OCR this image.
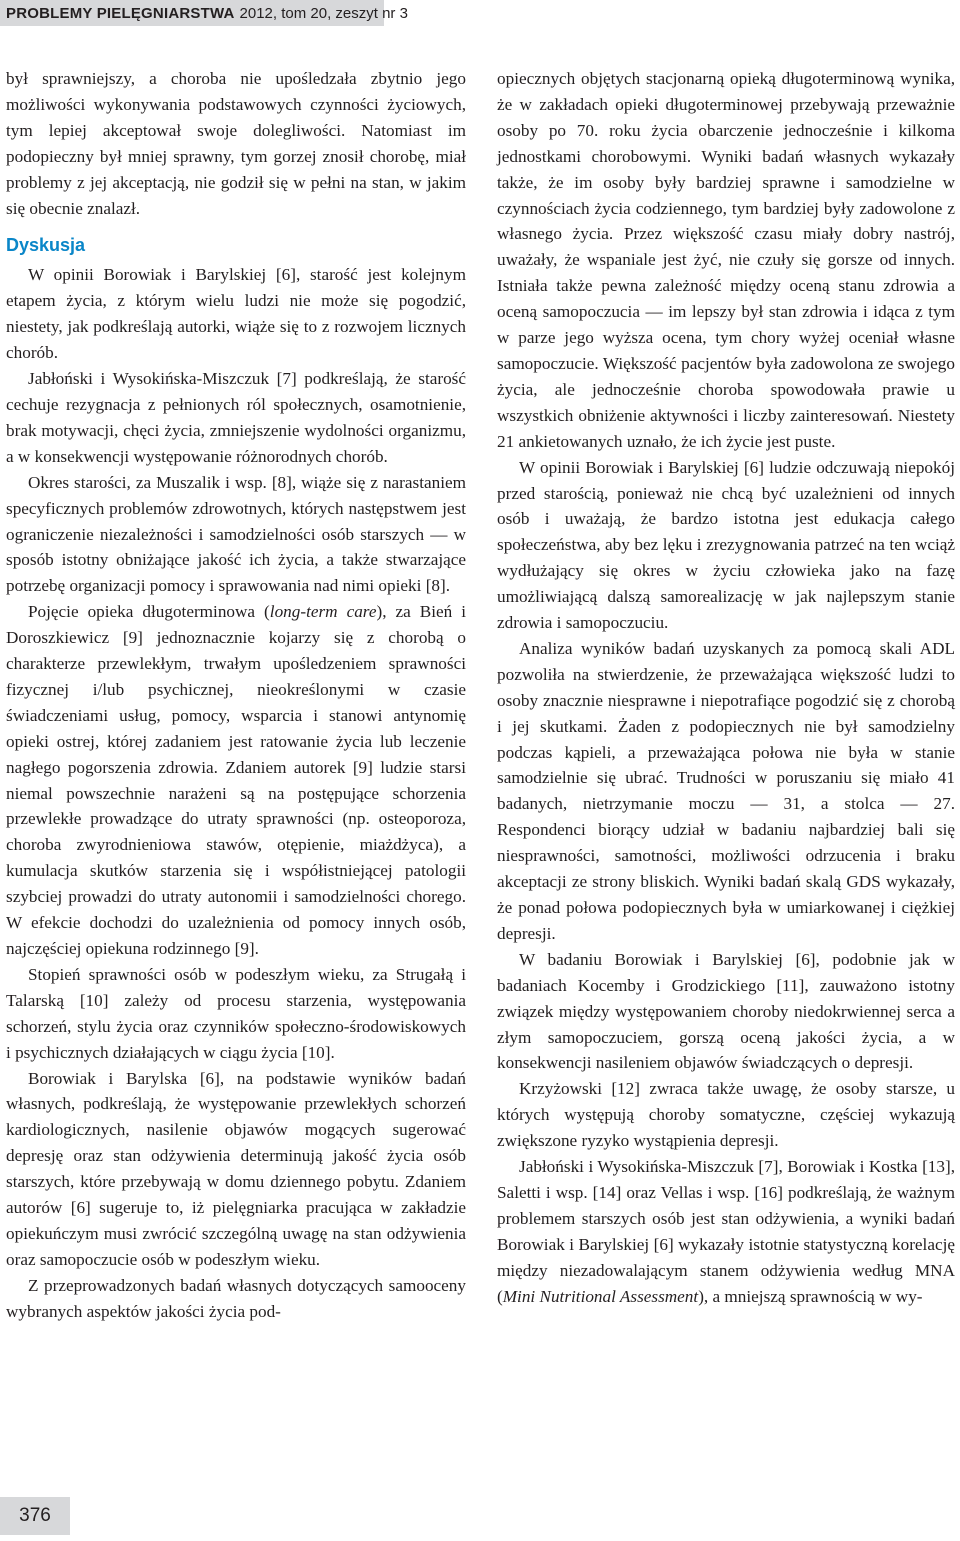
PROBLEMY PIELĘGNIARSTWA 2012, tom 20, zeszyt nr 3

był sprawniejszy, a choroba nie upośledzała zbytnio jego możliwości wykonywania podstawowych czynności życiowych, tym lepiej akceptował swoje dolegliwości. Natomiast im podopieczny był mniej sprawny, tym gorzej znosił chorobę, miał problemy z jej akceptacją, nie godził się w pełni na stan, w jakim się obecnie znalazł.

Dyskusja

W opinii Borowiak i Barylskiej [6], starość jest kolejnym etapem życia, z którym wielu ludzi nie może się pogodzić, niestety, jak podkreślają autorki, wiąże się to z rozwojem licznych chorób.

Jabłoński i Wysokińska-Miszczuk [7] podkreślają, że starość cechuje rezygnacja z pełnionych ról społecznych, osamotnienie, brak motywacji, chęci życia, zmniejszenie wydolności organizmu, a w konsekwencji występowanie różnorodnych chorób.

Okres starości, za Muszalik i wsp. [8], wiąże się z narastaniem specyficznych problemów zdrowotnych, których następstwem jest ograniczenie niezależności i samodzielności osób starszych — w sposób istotny obniżające jakość ich życia, a także stwarzające potrzebę organizacji pomocy i sprawowania nad nimi opieki [8].

Pojęcie opieka długoterminowa (long-term care), za Bień i Doroszkiewicz [9] jednoznacznie kojarzy się z chorobą o charakterze przewlekłym, trwałym upośledzeniem sprawności fizycznej i/lub psychicznej, nieokreślonymi w czasie świadczeniami usług, pomocy, wsparcia i stanowi antynomię opieki ostrej, której zadaniem jest ratowanie życia lub leczenie nagłego pogorszenia zdrowia. Zdaniem autorek [9] ludzie starsi niemal powszechnie narażeni są na postępujące schorzenia przewlekłe prowadzące do utraty sprawności (np. osteoporoza, choroba zwyrodnieniowa stawów, otępienie, miażdżyca), a kumulacja skutków starzenia się i współistniejącej patologii szybciej prowadzi do utraty autonomii i samodzielności chorego. W efekcie dochodzi do uzależnienia od pomocy innych osób, najczęściej opiekuna rodzinnego [9].

Stopień sprawności osób w podeszłym wieku, za Strugałą i Talarską [10] zależy od procesu starzenia, występowania schorzeń, stylu życia oraz czynników społeczno-środowiskowych i psychicznych działających w ciągu życia [10].

Borowiak i Barylska [6], na podstawie wyników badań własnych, podkreślają, że występowanie przewlekłych schorzeń kardiologicznych, nasilenie objawów mogących sugerować depresję oraz stan odżywienia determinują jakość życia osób starszych, które przebywają w domu dziennego pobytu. Zdaniem autorów [6] sugeruje to, iż pielęgniarka pracująca w zakładzie opiekuńczym musi zwrócić szczególną uwagę na stan odżywienia oraz samopoczucie osób w podeszłym wieku.

Z przeprowadzonych badań własnych dotyczących samooceny wybranych aspektów jakości życia pod-

opiecznych objętych stacjonarną opieką długoterminową wynika, że w zakładach opieki długoterminowej przebywają przeważnie osoby po 70. roku życia obarczenie jednocześnie i kilkoma jednostkami chorobowymi. Wyniki badań własnych wykazały także, że im osoby były bardziej sprawne i samodzielne w czynnościach życia codziennego, tym bardziej były zadowolone z własnego życia. Przez większość czasu miały dobry nastrój, uważały, że wspaniale jest żyć, nie czuły się gorsze od innych. Istniała także pewna zależność między oceną stanu zdrowia a oceną samopoczucia — im lepszy był stan zdrowia i idąca z tym w parze jego wyższa ocena, tym chory wyżej oceniał własne samopoczucie. Większość pacjentów była zadowolona ze swojego życia, ale jednocześnie choroba spowodowała prawie u wszystkich obniżenie aktywności i liczby zainteresowań. Niestety 21 ankietowanych uznało, że ich życie jest puste.

W opinii Borowiak i Barylskiej [6] ludzie odczuwają niepokój przed starością, ponieważ nie chcą być uzależnieni od innych osób i uważają, że bardzo istotna jest edukacja całego społeczeństwa, aby bez lęku i zrezygnowania patrzeć na ten wciąż wydłużający się okres w życiu człowieka jako na fazę umożliwiającą dalszą samorealizację w jak najlepszym stanie zdrowia i samopoczuciu.

Analiza wyników badań uzyskanych za pomocą skali ADL pozwoliła na stwierdzenie, że przeważająca większość ludzi to osoby znacznie niesprawne i niepotrafiące pogodzić się z chorobą i jej skutkami. Żaden z podopiecznych nie był samodzielny podczas kąpieli, a przeważająca połowa nie była w stanie samodzielnie się ubrać. Trudności w poruszaniu się miało 41 badanych, nietrzymanie moczu — 31, a stolca — 27. Respondenci biorący udział w badaniu najbardziej bali się niesprawności, samotności, możliwości odrzucenia i braku akceptacji ze strony bliskich. Wyniki badań skalą GDS wykazały, że ponad połowa podopiecznych była w umiarkowanej i ciężkiej depresji.

W badaniu Borowiak i Barylskiej [6], podobnie jak w badaniach Kocemby i Grodzickiego [11], zauważono istotny związek między występowaniem choroby niedokrwiennej serca a złym samopoczuciem, gorszą oceną jakości życia, a w konsekwencji nasileniem objawów świadczących o depresji.

Krzyżowski [12] zwraca także uwagę, że osoby starsze, u których występują choroby somatyczne, częściej wykazują zwiększone ryzyko wystąpienia depresji.

Jabłoński i Wysokińska-Miszczuk [7], Borowiak i Kostka [13], Saletti i wsp. [14] oraz Vellas i wsp. [16] podkreślają, że ważnym problemem starszych osób jest stan odżywienia, a wyniki badań Borowiak i Barylskiej [6] wykazały istotnie statystyczną korelację między niezadowalającym stanem odżywienia według MNA (Mini Nutritional Assessment), a mniejszą sprawnością w wy-

376
